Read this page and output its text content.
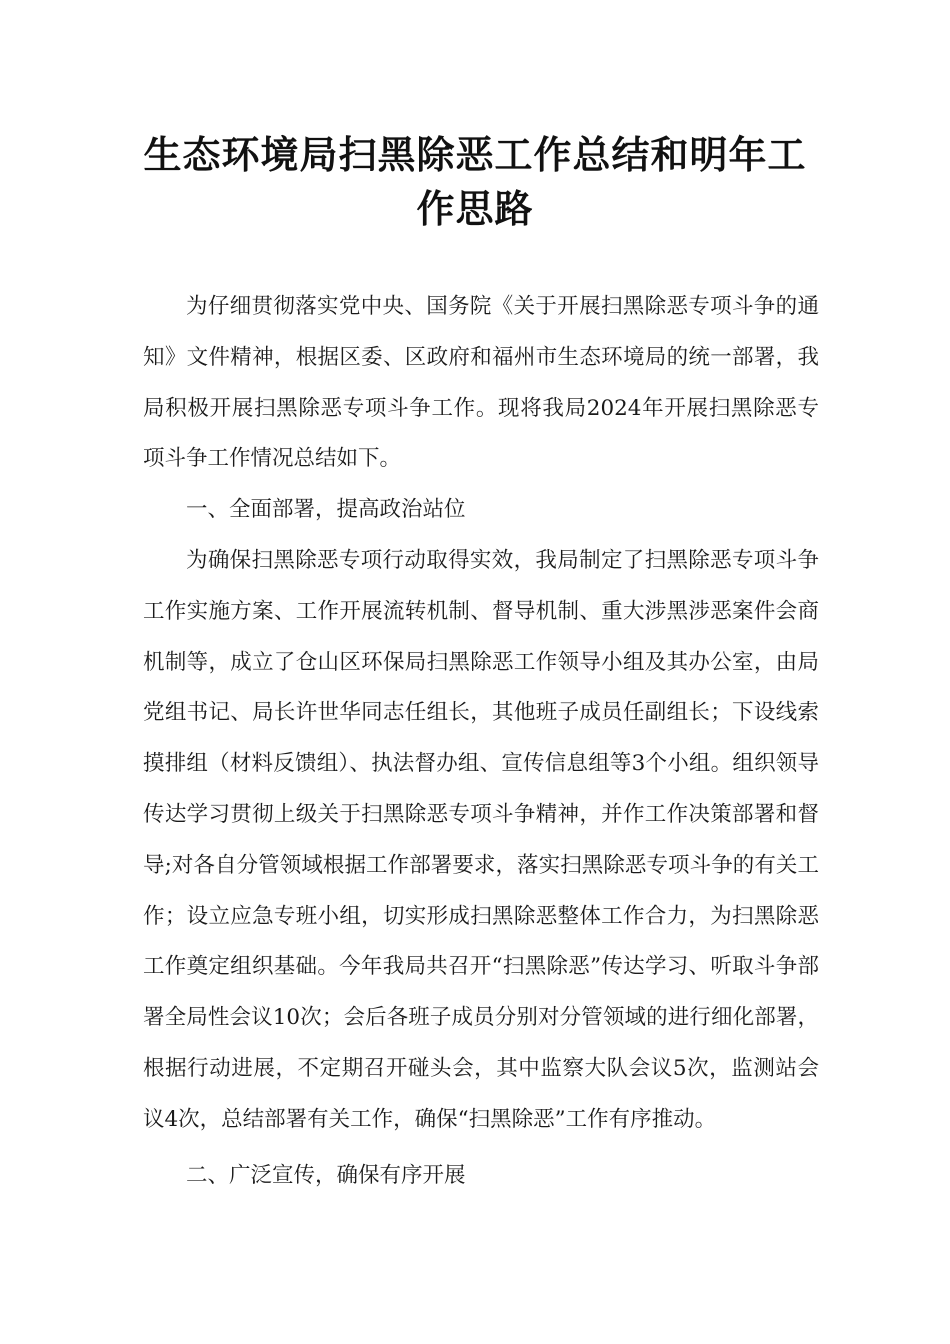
生态环境局扫黑除恶工作总结和明年工
作思路

为仔细贯彻落实党中央、国务院《关于开展扫黑除恶专项斗争的通知》文件精神，根据区委、区政府和福州市生态环境局的统一部署，我局积极开展扫黑除恶专项斗争工作。现将我局2024年开展扫黑除恶专项斗争工作情况总结如下。

一、全面部署，提高政治站位

为确保扫黑除恶专项行动取得实效，我局制定了扫黑除恶专项斗争工作实施方案、工作开展流转机制、督导机制、重大涉黑涉恶案件会商机制等，成立了仓山区环保局扫黑除恶工作领导小组及其办公室，由局党组书记、局长许世华同志任组长，其他班子成员任副组长；下设线索摸排组（材料反馈组）、执法督办组、宣传信息组等3个小组。组织领导传达学习贯彻上级关于扫黑除恶专项斗争精神，并作工作决策部署和督导;对各自分管领域根据工作部署要求，落实扫黑除恶专项斗争的有关工作；设立应急专班小组，切实形成扫黑除恶整体工作合力，为扫黑除恶工作奠定组织基础。今年我局共召开“扫黑除恶”传达学习、听取斗争部署全局性会议10次；会后各班子成员分别对分管领域的进行细化部署，根据行动进展，不定期召开碰头会，其中监察大队会议5次，监测站会议4次，总结部署有关工作，确保“扫黑除恶”工作有序推动。

二、广泛宣传，确保有序开展
